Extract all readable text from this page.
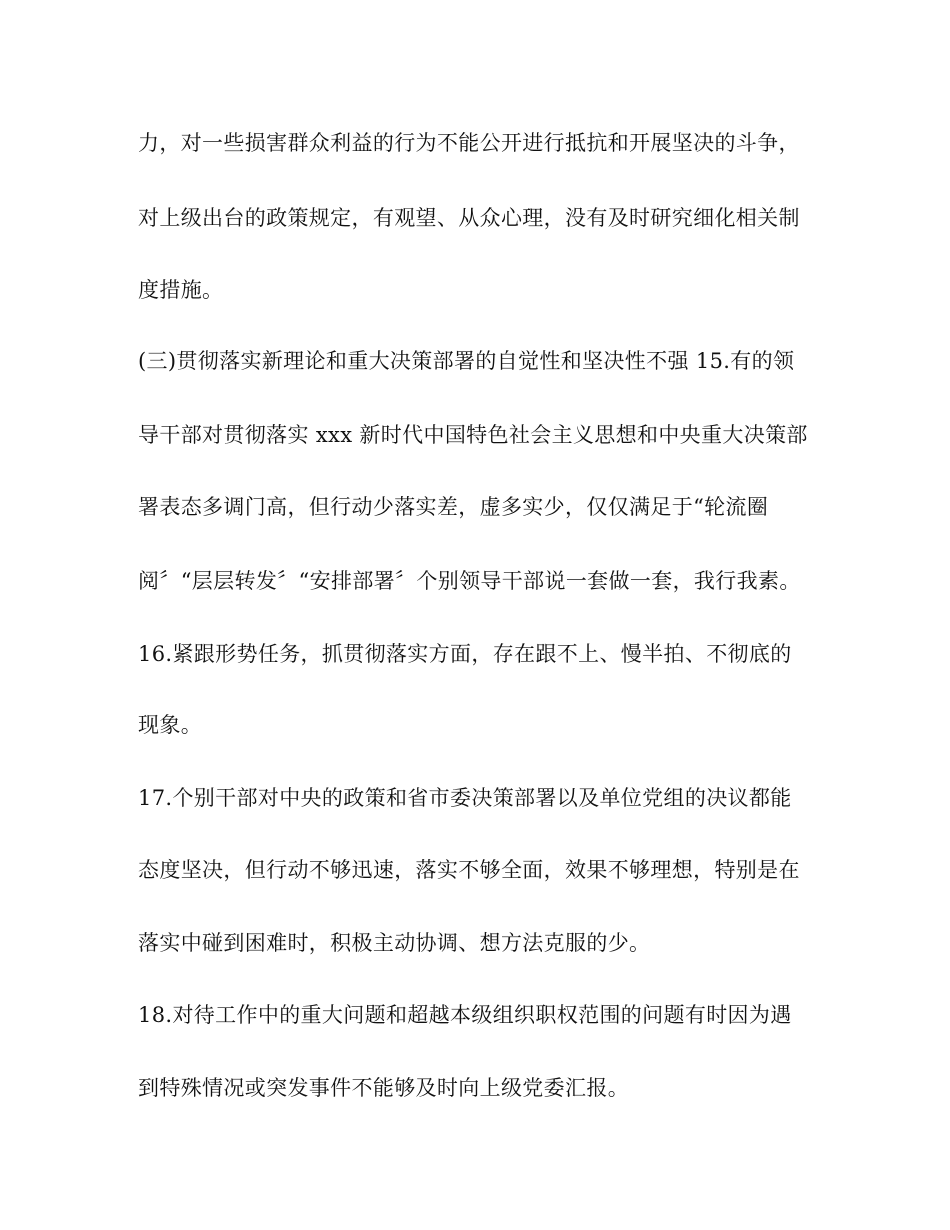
力，对一些损害群众利益的行为不能公开进行抵抗和开展坚决的斗争，
对上级出台的政策规定，有观望、从众心理，没有及时研究细化相关制
度措施。
(三)贯彻落实新理论和重大决策部署的自觉性和坚决性不强 15.有的领
导干部对贯彻落实 xxx 新时代中国特色社会主义思想和中央重大决策部
署表态多调门高，但行动少落实差，虚多实少，仅仅满足于“轮流圈
阅〞“层层转发〞“安排部署〞个别领导干部说一套做一套，我行我素。
16.紧跟形势任务，抓贯彻落实方面，存在跟不上、慢半拍、不彻底的
现象。
17.个别干部对中央的政策和省市委决策部署以及单位党组的决议都能
态度坚决，但行动不够迅速，落实不够全面，效果不够理想，特别是在
落实中碰到困难时，积极主动协调、想方法克服的少。
18.对待工作中的重大问题和超越本级组织职权范围的问题有时因为遇
到特殊情况或突发事件不能够及时向上级党委汇报。
